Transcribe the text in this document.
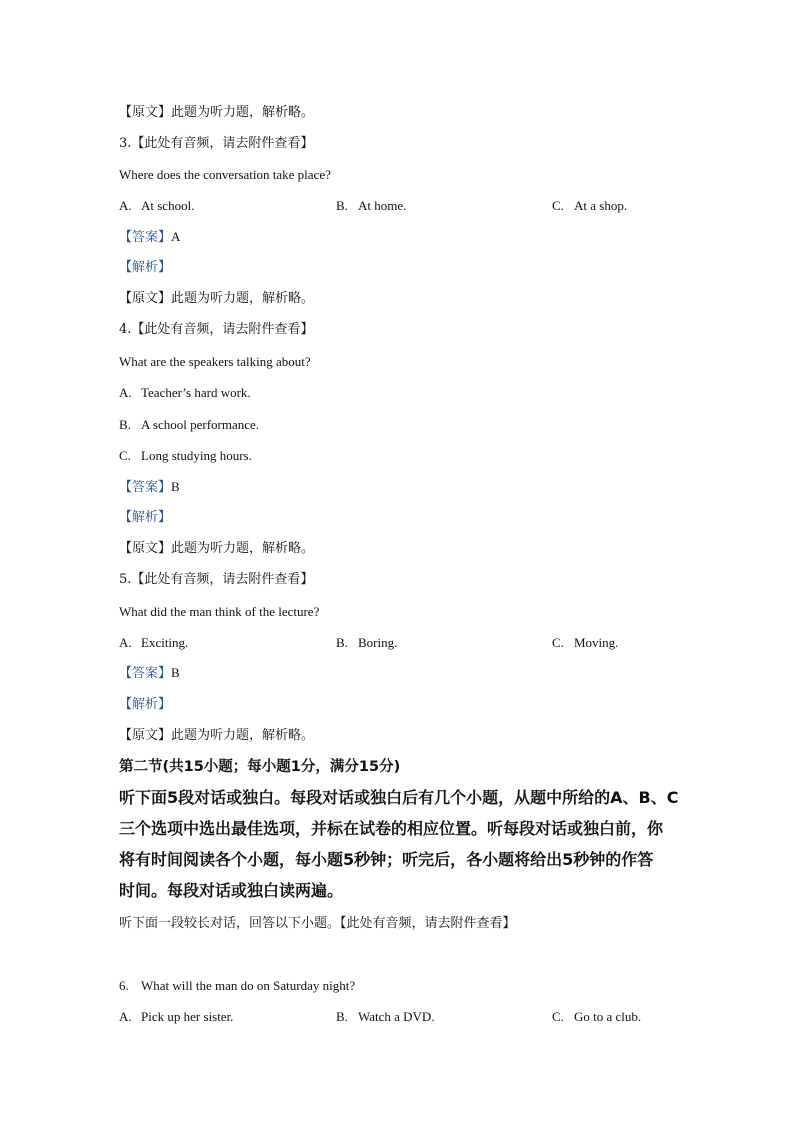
【原文】此题为听力题，解析略。
3.【此处有音频，请去附件查看】
Where does the conversation take place?
A. At school.	B. At home.	C. At a shop.
【答案】A
【解析】
【原文】此题为听力题，解析略。
4.【此处有音频，请去附件查看】
What are the speakers talking about?
A. Teacher’s hard work.
B. A school performance.
C. Long studying hours.
【答案】B
【解析】
【原文】此题为听力题，解析略。
5.【此处有音频，请去附件查看】
What did the man think of the lecture?
A. Exciting.	B. Boring.	C. Moving.
【答案】B
【解析】
【原文】此题为听力题，解析略。
第二节(共15小题；每小题1分，满分15分)
听下面5段对话或独白。每段对话或独白后有几个小题，从题中所给的A、B、C
三个选项中选出最佳选项，并标在试卷的相应位置。听每段对话或独白前，你
将有时间阅读各个小题，每小题5秒钟；听完后，各小题将给出5秒钟的作答
时间。每段对话或独白读两遍。
听下面一段较长对话，回答以下小题。【此处有音频，请去附件查看】
6. What will the man do on Saturday night?
A. Pick up her sister.	B. Watch a DVD.	C. Go to a club.
